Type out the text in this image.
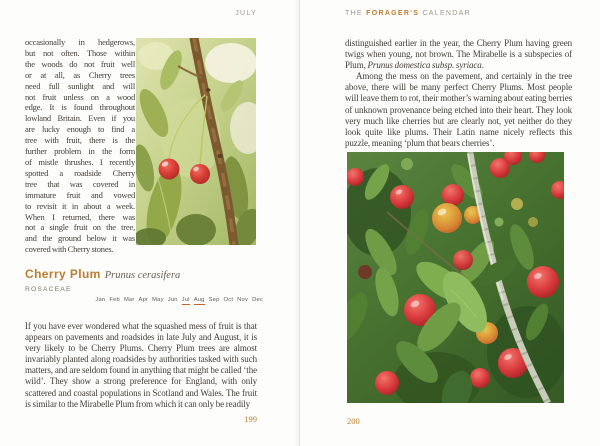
JULY	THE FORAGER'S CALENDAR
occasionally in hedgerows,
but not often. Those within
the woods do not fruit well
or at all, as Cherry trees
need full sunlight and will
not fruit unless on a wood
edge. It is found throughout
lowland Britain. Even if you
are lucky enough to find a
tree with fruit, there is the
further problem in the form
of mistle thrushes. I recently
spotted a roadside Cherry
tree that was covered in
immature fruit and vowed
to revisit it in about a week.
When I returned, there was
not a single fruit on the tree,
and the ground below it was
covered with Cherry stones.
Cherry Plum Prunus cerasifera
ROSACEAE
Jan Feb Mar Apr May Jun Jul Aug Sep Oct Nov Dec

If you have ever wondered what the squashed mess of fruit is that appears on pavements and roadsides in late July and August, it is very likely to be Cherry Plums. Cherry Plum trees are almost invariably planted along roadsides by authorities tasked with such matters, and are seldom found in anything that might be called ‘the wild’. They show a strong preference for England, with only scattered and coastal populations in Scotland and Wales. The fruit is similar to the Mirabelle Plum from which it can only be readily

199

distinguished earlier in the year, the Cherry Plum having green twigs when young, not brown. The Mirabelle is a subspecies of Plum, Prunus domestica subsp. syriaca.

Among the mess on the pavement, and certainly in the tree above, there will be many perfect Cherry Plums. Most people will leave them to rot, their mother’s warning about eating berries of unknown provenance being etched into their heart. They look very much like cherries but are clearly not, yet neither do they look quite like plums. Their Latin name nicely reflects this puzzle, meaning ‘plum that bears cherries’.

200
